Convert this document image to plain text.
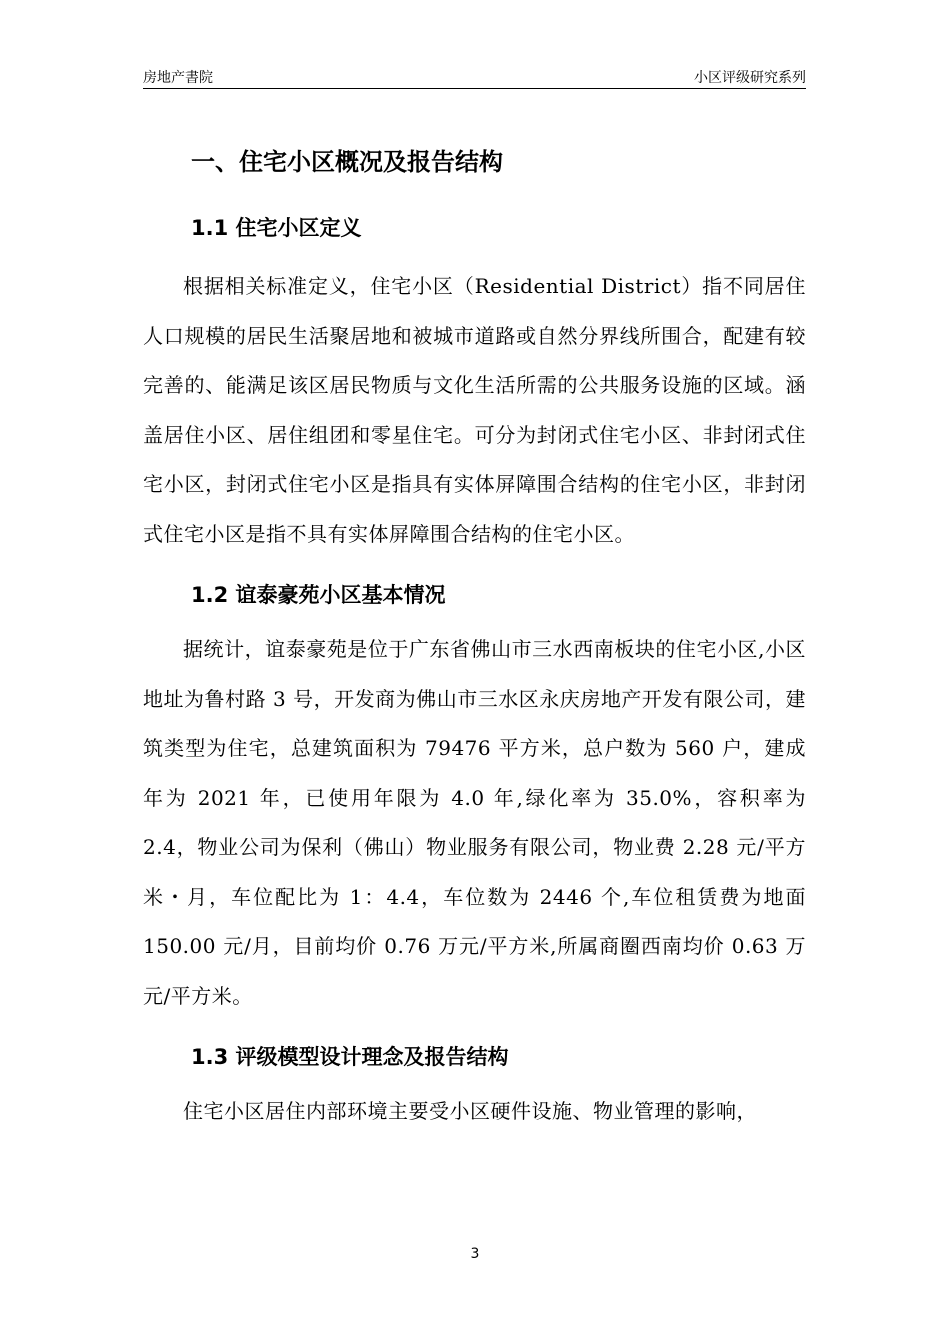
房地产書院	小区评级研究系列
一、住宅小区概况及报告结构
1.1 住宅小区定义

根据相关标准定义，住宅小区（Residential District）指不同居住人口规模的居民生活聚居地和被城市道路或自然分界线所围合，配建有较完善的、能满足该区居民物质与文化生活所需的公共服务设施的区域。涵盖居住小区、居住组团和零星住宅。可分为封闭式住宅小区、非封闭式住宅小区，封闭式住宅小区是指具有实体屏障围合结构的住宅小区，非封闭式住宅小区是指不具有实体屏障围合结构的住宅小区。

1.2 谊泰豪苑小区基本情况

据统计，谊泰豪苑是位于广东省佛山市三水西南板块的住宅小区,小区地址为鲁村路 3 号，开发商为佛山市三水区永庆房地产开发有限公司，建筑类型为住宅，总建筑面积为 79476 平方米，总户数为 560 户，建成年为 2021 年，已使用年限为 4.0 年,绿化率为 35.0%，容积率为 2.4，物业公司为保利（佛山）物业服务有限公司，物业费 2.28 元/平方米・月，车位配比为 1：4.4，车位数为 2446 个,车位租赁费为地面 150.00 元/月，目前均价 0.76 万元/平方米,所属商圈西南均价 0.63 万元/平方米。

1.3 评级模型设计理念及报告结构

住宅小区居住内部环境主要受小区硬件设施、物业管理的影响，

3
